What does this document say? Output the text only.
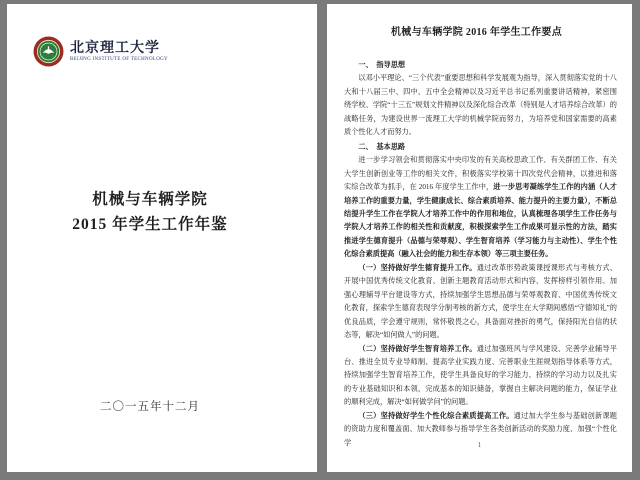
北京理工大学
BEIJING INSTITUTE OF TECHNOLOGY
机械与车辆学院
2015 年学生工作年鉴
二〇一五年十二月
机械与车辆学院 2016 年学生工作要点

一、　指导思想

以邓小平理论、“三个代表”重要思想和科学发展观为指导，深入贯彻落实党的十八大和十八届三中、四中、五中全会精神以及习近平总书记系列重要讲话精神，紧密围绕学校、学院“十三五”规划文件精神以及深化综合改革（特别是人才培养综合改革）的战略任务，为建设世界一流理工大学的机械学院而努力，为培养党和国家需要的高素质个性化人才而努力。

二、　基本思路

进一步学习领会和贯彻落实中央印发的有关高校思政工作、有关群团工作、有关大学生创新创业等工作的相关文件，积极落实学校第十四次党代会精神，以推进和落实综合改革为抓手，在 2016 年度学生工作中，进一步思考凝练学生工作的内涵（人才培养工作的重要力量，学生健康成长、综合素质培养、能力提升的主要力量），不断总结提升学生工作在学院人才培养工作中的作用和地位，认真梳理各项学生工作任务与学院人才培养工作的相关性和贡献度，积极探索学生工作成果可显示性的方法，踏实推进学生德育提升（品德与荣辱观）、学生智育培养（学习能力与主动性）、学生个性化综合素质提高（融入社会的能力和生存本领）等三项主要任务。

（一）坚持做好学生德育提升工作。通过改革形势政策课授课形式与考核方式、开展中国优秀传统文化教育、创新主题教育活动形式和内容、发挥榜样引领作用、加强心理辅导平台建设等方式，持续加强学生思想品德与荣辱观教育、中国优秀传统文化教育，探索学生德育表现学分制考核的新方式，使学生在大学期间感悟“守德知礼”的优良品质，学会遵守规则，常怀敬畏之心，具备面对挫折的勇气，保持阳光自信的状态等，解决“如何做人”的问题。

（二）坚持做好学生智育培养工作。通过加强班风与学风建设、完善学业辅导平台、推进全员专业导师制、提高学业实践力度、完善职业生涯规划指导体系等方式，持续加强学生智育培养工作，使学生具备良好的学习能力、持续的学习动力以及扎实的专业基础知识和本领，完成基本的知识储备，掌握自主解决问题的能力，保证学业的顺利完成，解决“如何做学问”的问题。

（三）坚持做好学生个性化综合素质提高工作。通过加大学生参与基础创新课题的资助力度和覆盖面、加大教师参与指导学生各类创新活动的奖励力度、加强“个性化学	1
